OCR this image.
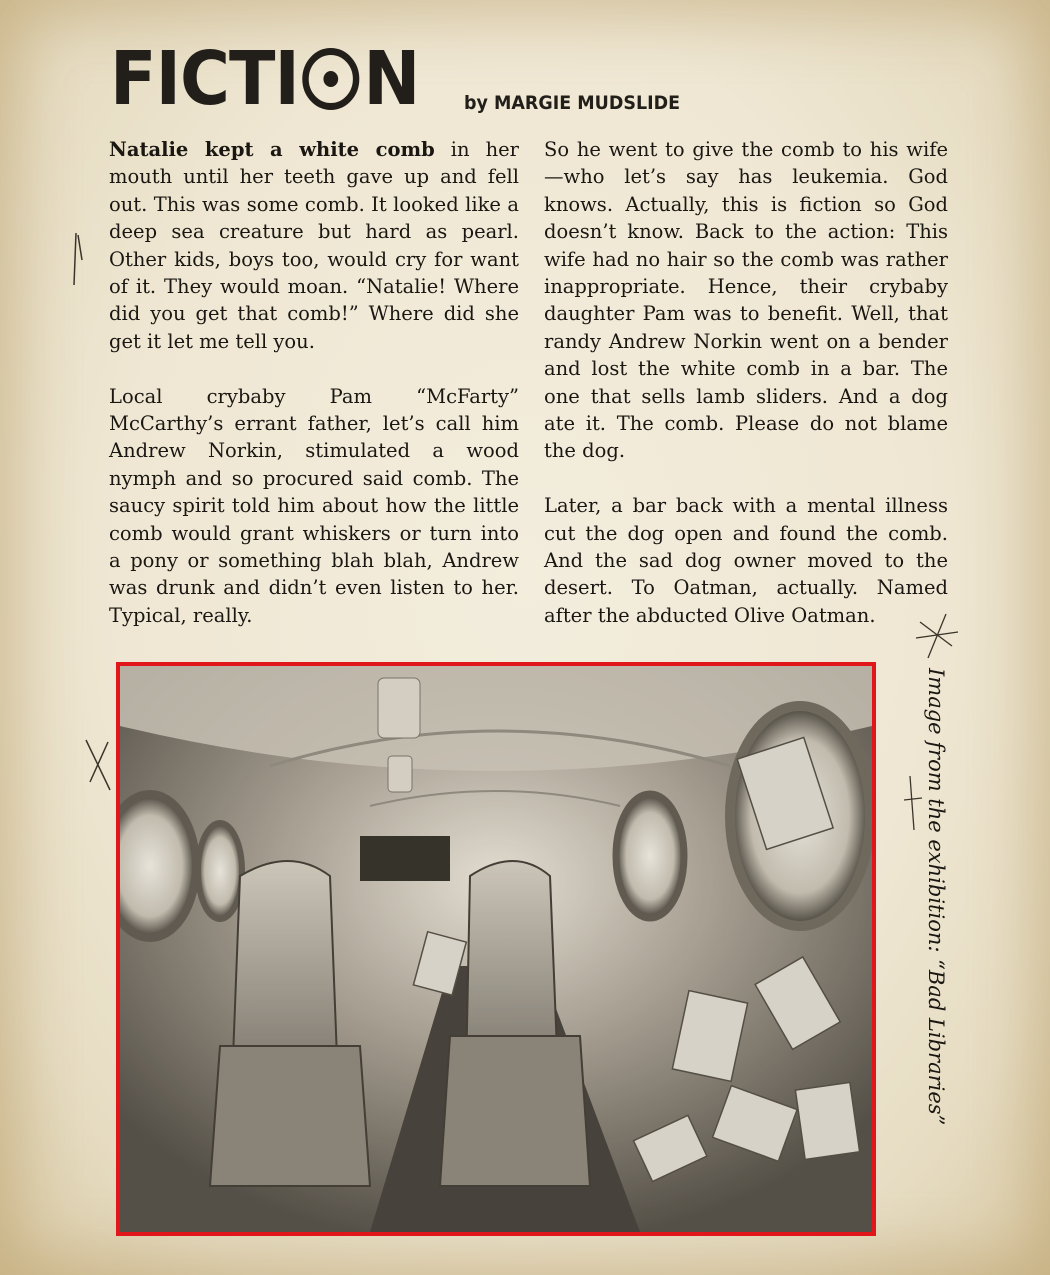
FICTI N by MARGIE MUDSLIDE

Natalie kept a white comb in her mouth until her teeth gave up and fell out. This was some comb. It looked like a deep sea creature but hard as pearl. Other kids, boys too, would cry for want of it. They would moan. “Natalie! Where did you get that comb!” Where did she get it let me tell you.

Local crybaby Pam “McFarty” McCarthy’s errant father, let’s call him Andrew Norkin, stimulated a wood nymph and so procured said comb. The saucy spirit told him about how the little comb would grant whiskers or turn into a pony or something blah blah, Andrew was drunk and didn’t even listen to her. Typical, really.

So he went to give the comb to his wife—who let’s say has leukemia. God knows. Actually, this is fiction so God doesn’t know. Back to the action: This wife had no hair so the comb was rather inappropriate. Hence, their crybaby daughter Pam was to benefit. Well, that randy Andrew Norkin went on a bender and lost the white comb in a bar. The one that sells lamb sliders. And a dog ate it. The comb. Please do not blame the dog.

Later, a bar back with a mental illness cut the dog open and found the comb. And the sad dog owner moved to the desert. To Oatman, actually. Named after the abducted Olive Oatman.

Image from the exhibition: “Bad Libraries”
